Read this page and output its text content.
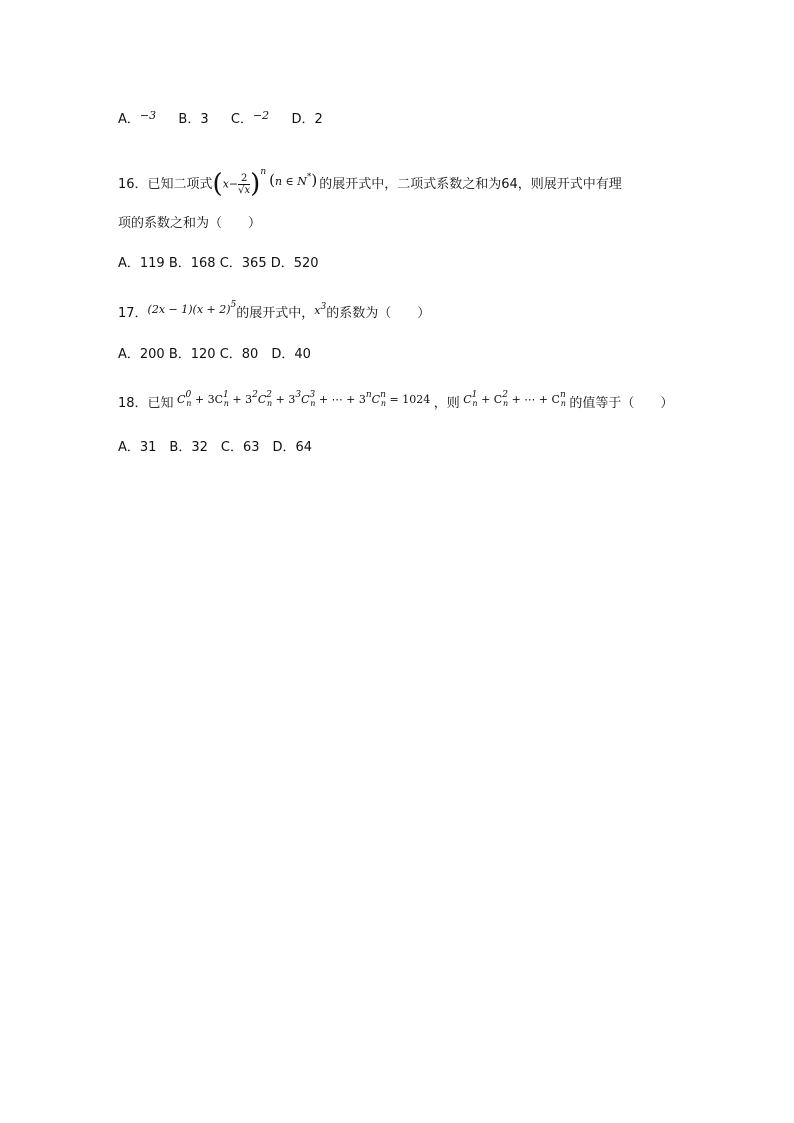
A．$^{-3}$ B．3 C．$^{-2}$ D．2
16．已知二项式$(x- \frac{2}{√x} )^n$ (n ∈ N*) 的展开式中，二项式系数之和为64，则展开式中有理
项的系数之和为（　　）
A．119 B．168 C．365 D．520
17．$(2x - 1)(x + 2)^5$的展开式中，$x^3$的系数为（　　）
A．200 B．120 C．80　D．40
18．已知 $^{C^0_n + 3C^1_n + 3^2C^2_n + 3^3C^3_n + \cdots + 3^nC^n_n = 1024}$ ，则 $^{C^1_n + C^2_n + \cdots + C^n_n}$ 的值等于（　　）
A．31　B．32　C．63　D．64
